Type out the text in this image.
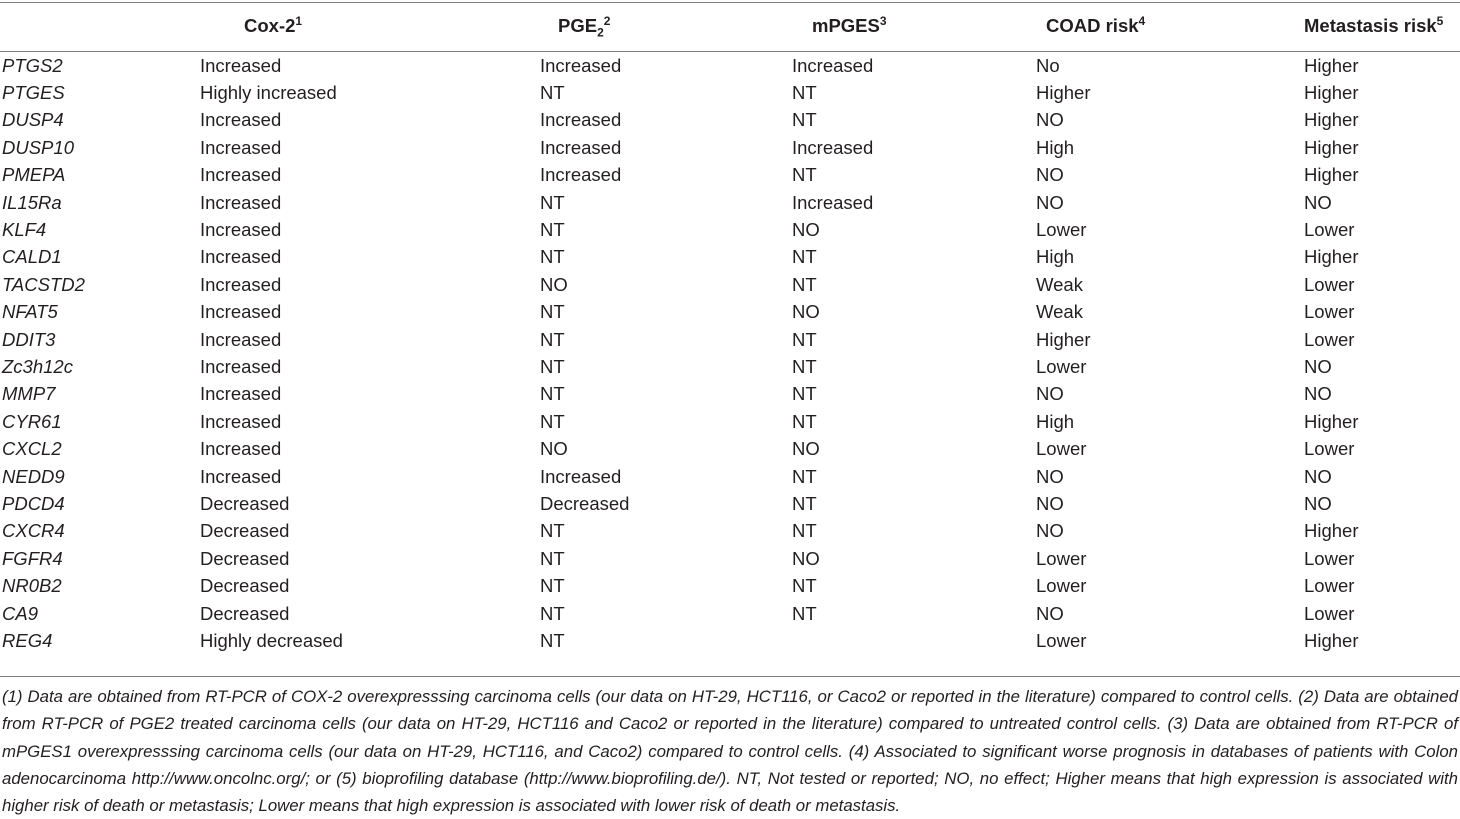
	Cox-$2^1$	$PGE_2^2$	mPGES$^3$	COAD risk$^4$	Metastasis risk$^5$
PTGS2	Increased	Increased	Increased	No	Higher
PTGES	Highly increased	NT	NT	Higher	Higher
DUSP4	Increased	Increased	NT	NO	Higher
DUSP10	Increased	Increased	Increased	High	Higher
PMEPA	Increased	Increased	NT	NO	Higher
IL15Ra	Increased	NT	Increased	NO	NO
KLF4	Increased	NT	NO	Lower	Lower
CALD1	Increased	NT	NT	High	Higher
TACSTD2	Increased	NO	NT	Weak	Lower
NFAT5	Increased	NT	NO	Weak	Lower
DDIT3	Increased	NT	NT	Higher	Lower
Zc3h12c	Increased	NT	NT	Lower	NO
MMP7	Increased	NT	NT	NO	NO
CYR61	Increased	NT	NT	High	Higher
CXCL2	Increased	NO	NO	Lower	Lower
NEDD9	Increased	Increased	NT	NO	NO
PDCD4	Decreased	Decreased	NT	NO	NO
CXCR4	Decreased	NT	NT	NO	Higher
FGFR4	Decreased	NT	NO	Lower	Lower
NR0B2	Decreased	NT	NT	Lower	Lower
CA9	Decreased	NT	NT	NO	Lower
REG4	Highly decreased	NT		Lower	Higher
(1) Data are obtained from RT-PCR of COX-2 overexpresssing carcinoma cells (our data on HT-29, HCT116, or Caco2 or reported in the literature) compared to control cells. (2) Data are obtained from RT-PCR of PGE2 treated carcinoma cells (our data on HT-29, HCT116 and Caco2 or reported in the literature) compared to untreated control cells. (3) Data are obtained from RT-PCR of mPGES1 overexpresssing carcinoma cells (our data on HT-29, HCT116, and Caco2) compared to control cells. (4) Associated to significant worse prognosis in databases of patients with Colon adenocarcinoma http://www.oncolnc.org/; or (5) bioprofiling database (http://www.bioprofiling.de/). NT, Not tested or reported; NO, no effect; Higher means that high expression is associated with higher risk of death or metastasis; Lower means that high expression is associated with lower risk of death or metastasis.
